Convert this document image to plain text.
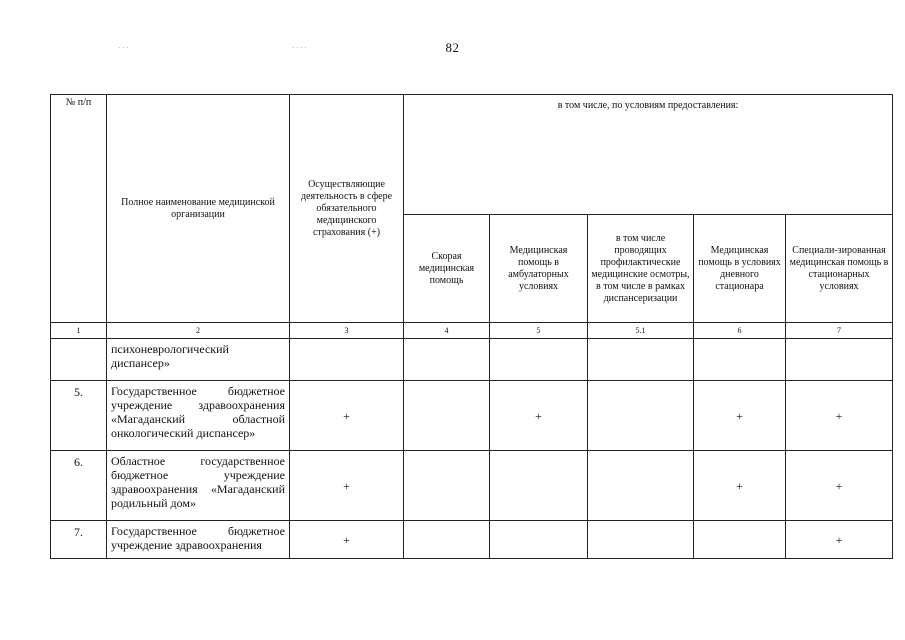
82
· · ·	· · · ·
№ п/п	Полное наименование медицинской организации	Осуществляющие деятельность в сфере обязательного медицинского страхования (+)	в том числе, по условиям предоставления:				
			Скорая медицинская помощь	Медицинская помощь в амбулаторных условиях	в том числе проводящих профилактические медицинские осмотры, в том числе в рамках диспансеризации	Медицинская помощь в условиях дневного стационара	Специали-зированная медицинская помощь в стационарных условиях
1	2	3	4	5	5.1	6	7
	психоневрологический диспансер»						
5.	Государственное бюджетное учреждение здравоохранения «Магаданский областной онкологический диспансер»	+		+		+	+
6.	Областное государственное бюджетное учреждение здравоохранения «Магаданский родильный дом»	+				+	+
7.	Государственное бюджетное учреждение здравоохранения	+					+
